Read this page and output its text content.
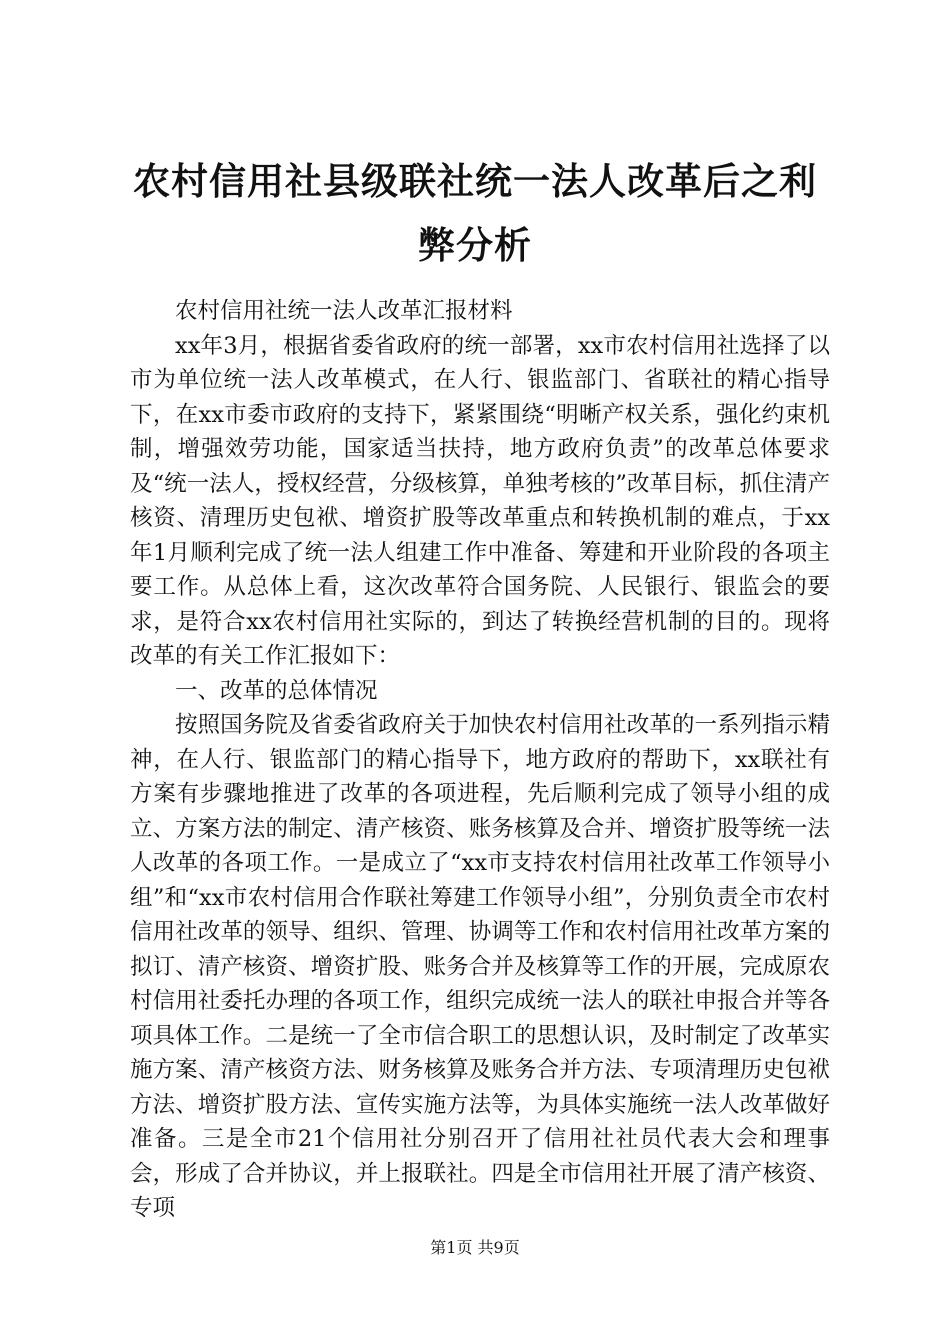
农村信用社县级联社统一法人改革后之利弊分析

农村信用社统一法人改革汇报材料

xx年3月，根据省委省政府的统一部署，xx市农村信用社选择了以市为单位统一法人改革模式，在人行、银监部门、省联社的精心指导下，在xx市委市政府的支持下，紧紧围绕“明晰产权关系，强化约束机制，增强效劳功能，国家适当扶持，地方政府负责”的改革总体要求及“统一法人，授权经营，分级核算，单独考核的”改革目标，抓住清产核资、清理历史包袱、增资扩股等改革重点和转换机制的难点，于xx年1月顺利完成了统一法人组建工作中准备、筹建和开业阶段的各项主要工作。从总体上看，这次改革符合国务院、人民银行、银监会的要求，是符合xx农村信用社实际的，到达了转换经营机制的目的。现将改革的有关工作汇报如下：

一、改革的总体情况

按照国务院及省委省政府关于加快农村信用社改革的一系列指示精神，在人行、银监部门的精心指导下，地方政府的帮助下，xx联社有方案有步骤地推进了改革的各项进程，先后顺利完成了领导小组的成立、方案方法的制定、清产核资、账务核算及合并、增资扩股等统一法人改革的各项工作。一是成立了“xx市支持农村信用社改革工作领导小组”和“xx市农村信用合作联社筹建工作领导小组”，分别负责全市农村信用社改革的领导、组织、管理、协调等工作和农村信用社改革方案的拟订、清产核资、增资扩股、账务合并及核算等工作的开展，完成原农村信用社委托办理的各项工作，组织完成统一法人的联社申报合并等各项具体工作。二是统一了全市信合职工的思想认识，及时制定了改革实施方案、清产核资方法、财务核算及账务合并方法、专项清理历史包袱方法、增资扩股方法、宣传实施方法等，为具体实施统一法人改革做好准备。三是全市21个信用社分别召开了信用社社员代表大会和理事会，形成了合并协议，并上报联社。四是全市信用社开展了清产核资、专项

第1页 共9页
